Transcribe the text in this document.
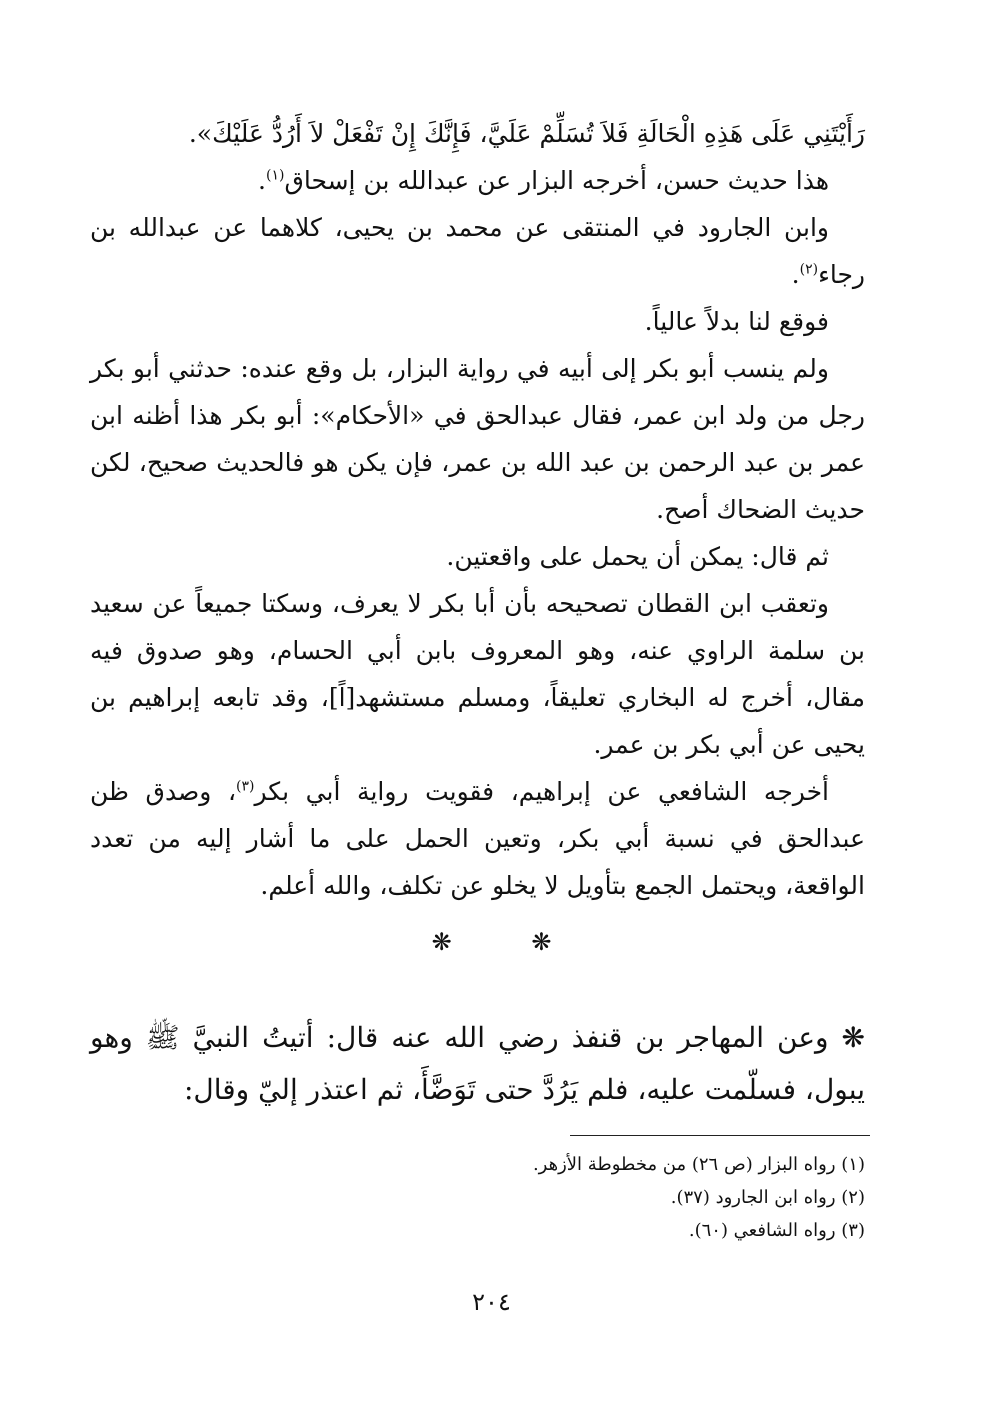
رَأَيْتَنِي عَلَى هَذِهِ الْحَالَةِ فَلاَ تُسَلِّمْ عَلَيَّ، فَإِنَّكَ إِنْ تَفْعَلْ لاَ أَرُدُّ عَلَيْكَ».

هذا حديث حسن، أخرجه البزار عن عبدالله بن إسحاق$^{(١)}$.

وابن الجارود في المنتقى عن محمد بن يحيى، كلاهما عن عبدالله بن رجاء$^{(٢)}$.

فوقع لنا بدلاً عالياً.

ولم ينسب أبو بكر إلى أبيه في رواية البزار، بل وقع عنده: حدثني أبو بكر رجل من ولد ابن عمر، فقال عبدالحق في «الأحكام»: أبو بكر هذا أظنه ابن عمر بن عبد الرحمن بن عبد الله بن عمر، فإن يكن هو فالحديث صحيح، لكن حديث الضحاك أصح.

ثم قال: يمكن أن يحمل على واقعتين.

وتعقب ابن القطان تصحيحه بأن أبا بكر لا يعرف، وسكتا جميعاً عن سعيد بن سلمة الراوي عنه، وهو المعروف بابن أبي الحسام، وهو صدوق فيه مقال، أخرج له البخاري تعليقاً، ومسلم مستشهد[اً]، وقد تابعه إبراهيم بن يحيى عن أبي بكر بن عمر.

أخرجه الشافعي عن إبراهيم، فقويت رواية أبي بكر$^{(٣)}$، وصدق ظن عبدالحق في نسبة أبي بكر، وتعين الحمل على ما أشار إليه من تعدد الواقعة، ويحتمل الجمع بتأويل لا يخلو عن تكلف، والله أعلم.

❋	❋

❋ وعن المهاجر بن قنفذ رضي الله عنه قال: أتيتُ النبيَّ ﷺ وهو يبول، فسلّمت عليه، فلم يَرُدَّ حتى تَوَضَّأَ، ثم اعتذر إليّ وقال:

(١) رواه البزار (ص ٢٦) من مخطوطة الأزهر.

(٢) رواه ابن الجارود (٣٧).

(٣) رواه الشافعي (٦٠).

٢٠٤
